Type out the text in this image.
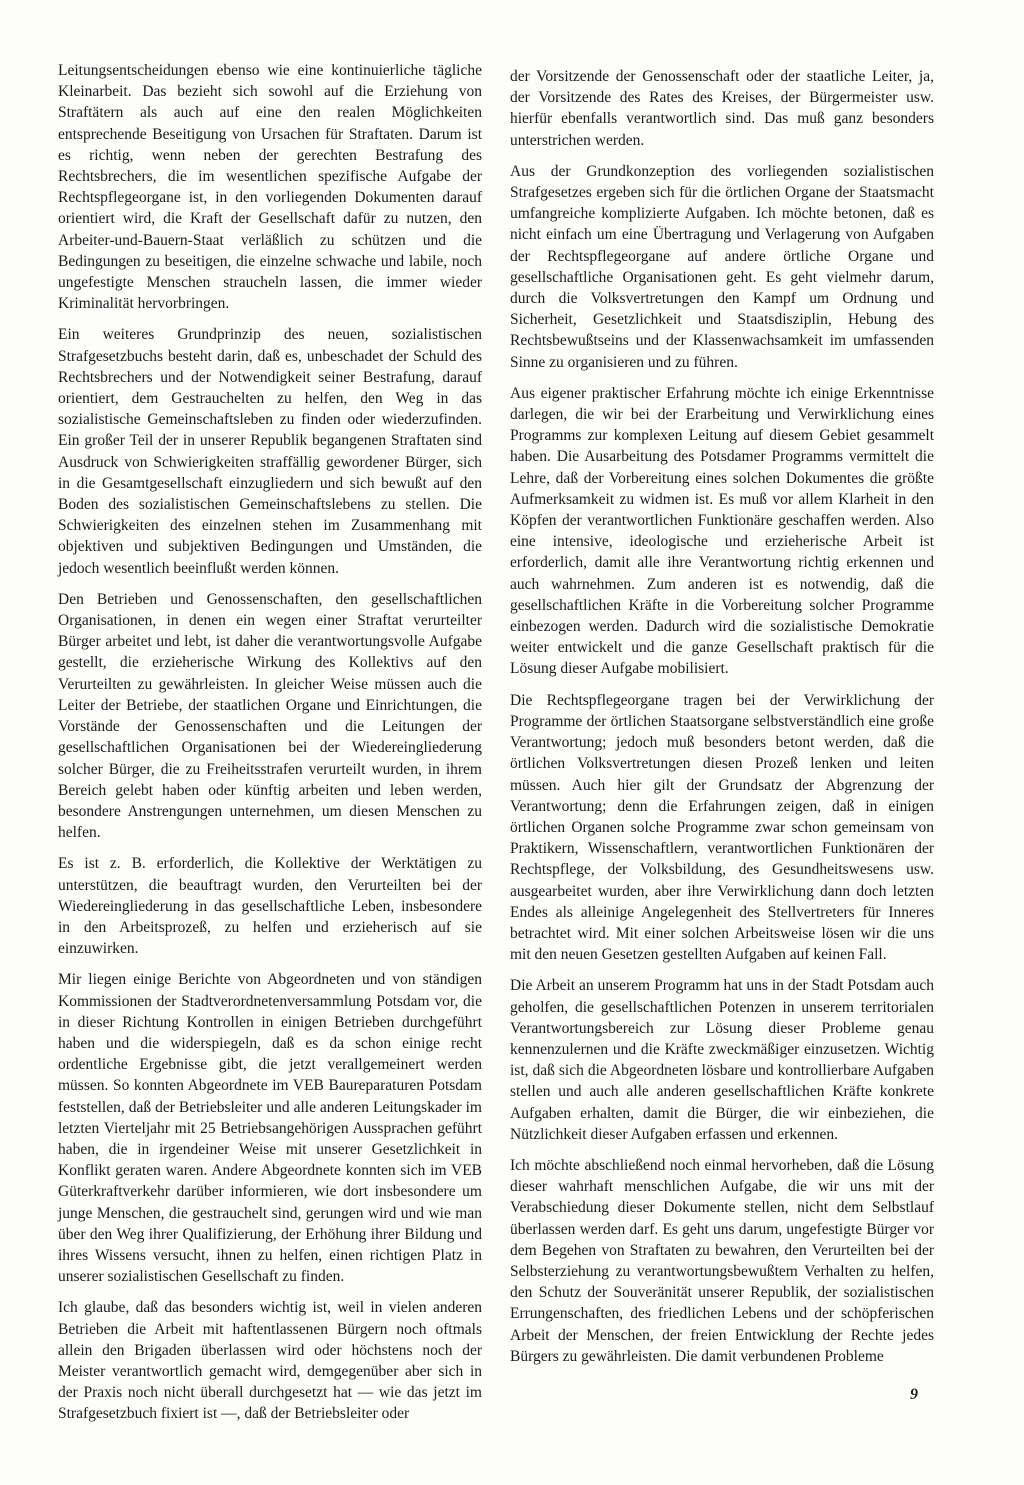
Leitungsentscheidungen ebenso wie eine kontinuierliche tägliche Kleinarbeit. Das bezieht sich sowohl auf die Erziehung von Straftätern als auch auf eine den realen Möglichkeiten entsprechende Beseitigung von Ursachen für Straftaten. Darum ist es richtig, wenn neben der gerechten Bestrafung des Rechtsbrechers, die im wesentlichen spezifische Aufgabe der Rechtspflegeorgane ist, in den vorliegenden Dokumenten darauf orientiert wird, die Kraft der Gesellschaft dafür zu nutzen, den Arbeiter-und-Bauern-Staat verläßlich zu schützen und die Bedingungen zu beseitigen, die einzelne schwache und labile, noch ungefestigte Menschen straucheln lassen, die immer wieder Kriminalität hervorbringen.

Ein weiteres Grundprinzip des neuen, sozialistischen Strafgesetzbuchs besteht darin, daß es, unbeschadet der Schuld des Rechtsbrechers und der Notwendigkeit seiner Bestrafung, darauf orientiert, dem Gestrauchelten zu helfen, den Weg in das sozialistische Gemeinschaftsleben zu finden oder wiederzufinden. Ein großer Teil der in unserer Republik begangenen Straftaten sind Ausdruck von Schwierigkeiten straffällig gewordener Bürger, sich in die Gesamtgesellschaft einzugliedern und sich bewußt auf den Boden des sozialistischen Gemeinschaftslebens zu stellen. Die Schwierigkeiten des einzelnen stehen im Zusammenhang mit objektiven und subjektiven Bedingungen und Umständen, die jedoch wesentlich beeinflußt werden können.

Den Betrieben und Genossenschaften, den gesellschaftlichen Organisationen, in denen ein wegen einer Straftat verurteilter Bürger arbeitet und lebt, ist daher die verantwortungsvolle Aufgabe gestellt, die erzieherische Wirkung des Kollektivs auf den Verurteilten zu gewährleisten. In gleicher Weise müssen auch die Leiter der Betriebe, der staatlichen Organe und Einrichtungen, die Vorstände der Genossenschaften und die Leitungen der gesellschaftlichen Organisationen bei der Wiedereingliederung solcher Bürger, die zu Freiheitsstrafen verurteilt wurden, in ihrem Bereich gelebt haben oder künftig arbeiten und leben werden, besondere Anstrengungen unternehmen, um diesen Menschen zu helfen.

Es ist z. B. erforderlich, die Kollektive der Werktätigen zu unterstützen, die beauftragt wurden, den Verurteilten bei der Wiedereingliederung in das gesellschaftliche Leben, insbesondere in den Arbeitsprozeß, zu helfen und erzieherisch auf sie einzuwirken.

Mir liegen einige Berichte von Abgeordneten und von ständigen Kommissionen der Stadtverordnetenversammlung Potsdam vor, die in dieser Richtung Kontrollen in einigen Betrieben durchgeführt haben und die widerspiegeln, daß es da schon einige recht ordentliche Ergebnisse gibt, die jetzt verallgemeinert werden müssen. So konnten Abgeordnete im VEB Baureparaturen Potsdam feststellen, daß der Betriebsleiter und alle anderen Leitungskader im letzten Vierteljahr mit 25 Betriebsangehörigen Aussprachen geführt haben, die in irgendeiner Weise mit unserer Gesetzlichkeit in Konflikt geraten waren. Andere Abgeordnete konnten sich im VEB Güterkraftverkehr darüber informieren, wie dort insbesondere um junge Menschen, die gestrauchelt sind, gerungen wird und wie man über den Weg ihrer Qualifizierung, der Erhöhung ihrer Bildung und ihres Wissens versucht, ihnen zu helfen, einen richtigen Platz in unserer sozialistischen Gesellschaft zu finden.

Ich glaube, daß das besonders wichtig ist, weil in vielen anderen Betrieben die Arbeit mit haftentlassenen Bürgern noch oftmals allein den Brigaden überlassen wird oder höchstens noch der Meister verantwortlich gemacht wird, demgegenüber aber sich in der Praxis noch nicht überall durchgesetzt hat — wie das jetzt im Strafgesetzbuch fixiert ist —, daß der Betriebsleiter oder

der Vorsitzende der Genossenschaft oder der staatliche Leiter, ja, der Vorsitzende des Rates des Kreises, der Bürgermeister usw. hierfür ebenfalls verantwortlich sind. Das muß ganz besonders unterstrichen werden.

Aus der Grundkonzeption des vorliegenden sozialistischen Strafgesetzes ergeben sich für die örtlichen Organe der Staatsmacht umfangreiche komplizierte Aufgaben. Ich möchte betonen, daß es nicht einfach um eine Übertragung und Verlagerung von Aufgaben der Rechtspflegeorgane auf andere örtliche Organe und gesellschaftliche Organisationen geht. Es geht vielmehr darum, durch die Volksvertretungen den Kampf um Ordnung und Sicherheit, Gesetzlichkeit und Staatsdisziplin, Hebung des Rechtsbewußtseins und der Klassenwachsamkeit im umfassenden Sinne zu organisieren und zu führen.

Aus eigener praktischer Erfahrung möchte ich einige Erkenntnisse darlegen, die wir bei der Erarbeitung und Verwirklichung eines Programms zur komplexen Leitung auf diesem Gebiet gesammelt haben. Die Ausarbeitung des Potsdamer Programms vermittelt die Lehre, daß der Vorbereitung eines solchen Dokumentes die größte Aufmerksamkeit zu widmen ist. Es muß vor allem Klarheit in den Köpfen der verantwortlichen Funktionäre geschaffen werden. Also eine intensive, ideologische und erzieherische Arbeit ist erforderlich, damit alle ihre Verantwortung richtig erkennen und auch wahrnehmen. Zum anderen ist es notwendig, daß die gesellschaftlichen Kräfte in die Vorbereitung solcher Programme einbezogen werden. Dadurch wird die sozialistische Demokratie weiter entwickelt und die ganze Gesellschaft praktisch für die Lösung dieser Aufgabe mobilisiert.

Die Rechtspflegeorgane tragen bei der Verwirklichung der Programme der örtlichen Staatsorgane selbstverständlich eine große Verantwortung; jedoch muß besonders betont werden, daß die örtlichen Volksvertretungen diesen Prozeß lenken und leiten müssen. Auch hier gilt der Grundsatz der Abgrenzung der Verantwortung; denn die Erfahrungen zeigen, daß in einigen örtlichen Organen solche Programme zwar schon gemeinsam von Praktikern, Wissenschaftlern, verantwortlichen Funktionären der Rechtspflege, der Volksbildung, des Gesundheitswesens usw. ausgearbeitet wurden, aber ihre Verwirklichung dann doch letzten Endes als alleinige Angelegenheit des Stellvertreters für Inneres betrachtet wird. Mit einer solchen Arbeitsweise lösen wir die uns mit den neuen Gesetzen gestellten Aufgaben auf keinen Fall.

Die Arbeit an unserem Programm hat uns in der Stadt Potsdam auch geholfen, die gesellschaftlichen Potenzen in unserem territorialen Verantwortungsbereich zur Lösung dieser Probleme genau kennenzulernen und die Kräfte zweckmäßiger einzusetzen. Wichtig ist, daß sich die Abgeordneten lösbare und kontrollierbare Aufgaben stellen und auch alle anderen gesellschaftlichen Kräfte konkrete Aufgaben erhalten, damit die Bürger, die wir einbeziehen, die Nützlichkeit dieser Aufgaben erfassen und erkennen.

Ich möchte abschließend noch einmal hervorheben, daß die Lösung dieser wahrhaft menschlichen Aufgabe, die wir uns mit der Verabschiedung dieser Dokumente stellen, nicht dem Selbstlauf überlassen werden darf. Es geht uns darum, ungefestigte Bürger vor dem Begehen von Straftaten zu bewahren, den Verurteilten bei der Selbsterziehung zu verantwortungsbewußtem Verhalten zu helfen, den Schutz der Souveränität unserer Republik, der sozialistischen Errungenschaften, des friedlichen Lebens und der schöpferischen Arbeit der Menschen, der freien Entwicklung der Rechte jedes Bürgers zu gewährleisten. Die damit verbundenen Probleme

9
